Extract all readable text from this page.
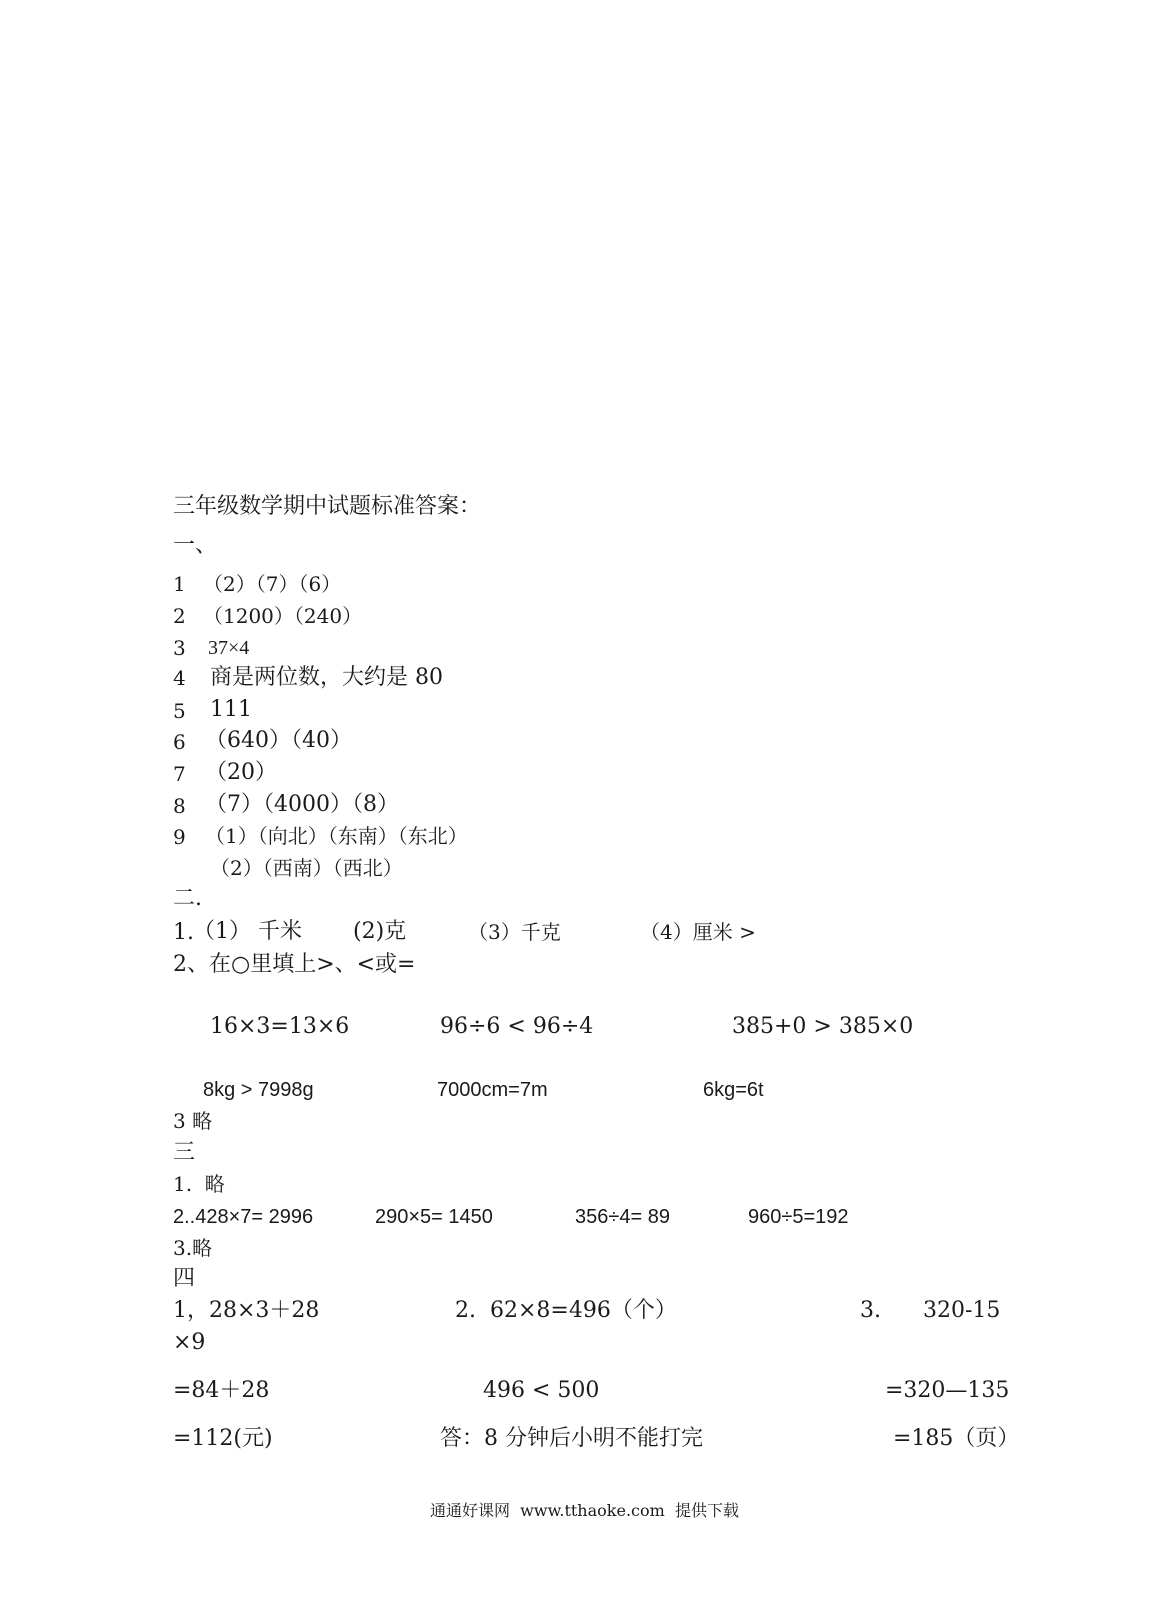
三年级数学期中试题标准答案：
一、
1 （2）（7）（6）
2 （1200）（240）
3 37×4
4 商是两位数，大约是 80
5 111
6 （640）（40）
7 （20）
8 （7）（4000）（8）
9 （1）（向北）（东南）（东北）
（2）（西南）（西北）
二.
1. （1） 千米 (2)克	（3）千克	（4）厘米 >
2、在○里填上>、<或=
16×3=13×6	96÷6 < 96÷4	385+0 > 385×0
8kg > 7998g	7000cm=7m	6kg=6t
3 略
三
1.  略
2..428×7= 2996	290×5= 1450	356÷4= 89	960÷5=192
3.略
四
1，28×3＋28
=84＋28
=112(元)
2.  62×8=496（个）
496 < 500
答：8 分钟后小明不能打完
3.      320-15
×9
=320—135
=185（页）
通通好课网  www.tthaoke.com  提供下载
